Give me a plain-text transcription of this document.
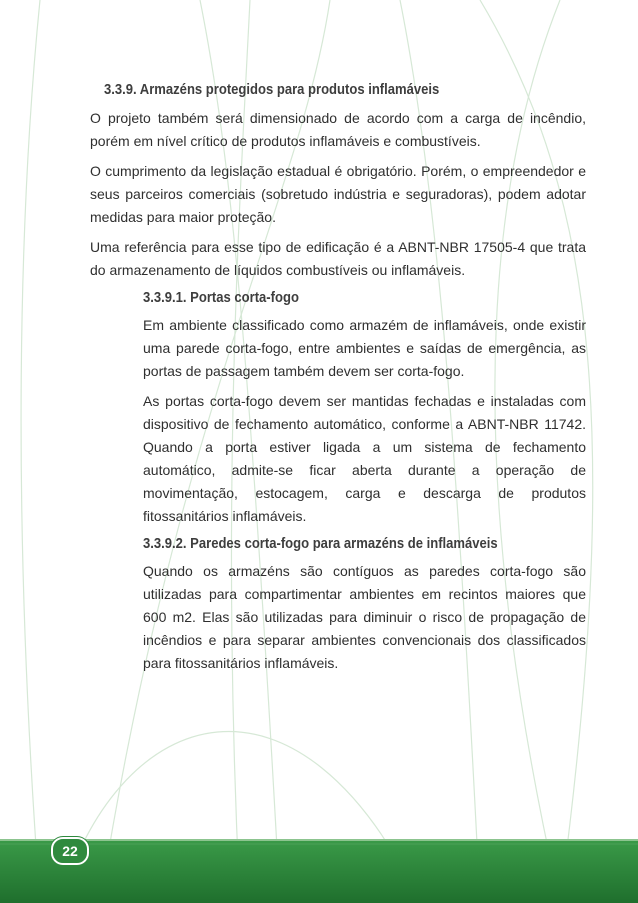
3.3.9. Armazéns protegidos para produtos inflamáveis

O projeto também será dimensionado de acordo com a carga de incêndio, porém em nível crítico de produtos inflamáveis e combustíveis.

O cumprimento da legislação estadual é obrigatório. Porém, o empreendedor e seus parceiros comerciais (sobretudo indústria e seguradoras), podem adotar medidas para maior proteção.

Uma referência para esse tipo de edificação é a ABNT-NBR 17505-4 que trata do armazenamento de líquidos combustíveis ou inflamáveis.

3.3.9.1. Portas corta-fogo

Em ambiente classificado como armazém de inflamáveis, onde existir uma parede corta-fogo, entre ambientes e saídas de emergência, as portas de passagem também devem ser corta-fogo.

As portas corta-fogo devem ser mantidas fechadas e instaladas com dispositivo de fechamento automático, conforme a ABNT-NBR 11742. Quando a porta estiver ligada a um sistema de fechamento automático, admite-se ficar aberta durante a operação de movimentação, estocagem, carga e descarga de produtos fitossanitários inflamáveis.

3.3.9.2. Paredes corta-fogo para armazéns de inflamáveis

Quando os armazéns são contíguos as paredes corta-fogo são utilizadas para compartimentar ambientes em recintos maiores que 600 m2. Elas são utilizadas para diminuir o risco de propagação de incêndios e para separar ambientes convencionais dos classificados para fitossanitários inflamáveis.

22
